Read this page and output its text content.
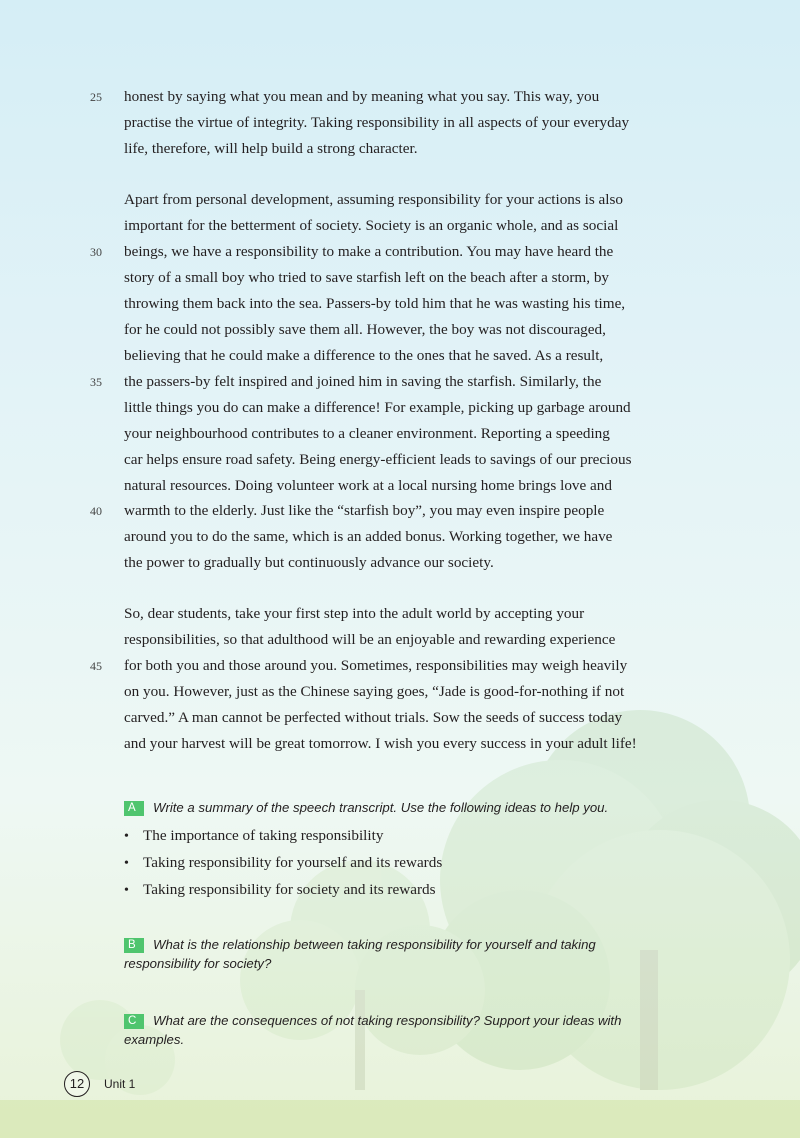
25 honest by saying what you mean and by meaning what you say. This way, you
practise the virtue of integrity. Taking responsibility in all aspects of your everyday
life, therefore, will help build a strong character.
Apart from personal development, assuming responsibility for your actions is also
important for the betterment of society. Society is an organic whole, and as social
30 beings, we have a responsibility to make a contribution. You may have heard the
story of a small boy who tried to save starfish left on the beach after a storm, by
throwing them back into the sea. Passers-by told him that he was wasting his time,
for he could not possibly save them all. However, the boy was not discouraged,
believing that he could make a difference to the ones that he saved. As a result,
35 the passers-by felt inspired and joined him in saving the starfish. Similarly, the
little things you do can make a difference! For example, picking up garbage around
your neighbourhood contributes to a cleaner environment. Reporting a speeding
car helps ensure road safety. Being energy-efficient leads to savings of our precious
natural resources. Doing volunteer work at a local nursing home brings love and
40 warmth to the elderly. Just like the “starfish boy”, you may even inspire people
around you to do the same, which is an added bonus. Working together, we have
the power to gradually but continuously advance our society.
So, dear students, take your first step into the adult world by accepting your
responsibilities, so that adulthood will be an enjoyable and rewarding experience
45 for both you and those around you. Sometimes, responsibilities may weigh heavily
on you. However, just as the Chinese saying goes, “Jade is good-for-nothing if not
carved.” A man cannot be perfected without trials. Sow the seeds of success today
and your harvest will be great tomorrow. I wish you every success in your adult life!
A Write a summary of the speech transcript. Use the following ideas to help you.
• The importance of taking responsibility
• Taking responsibility for yourself and its rewards
• Taking responsibility for society and its rewards
B What is the relationship between taking responsibility for yourself and taking responsibility for society?
C What are the consequences of not taking responsibility? Support your ideas with examples.
12	Unit 1
